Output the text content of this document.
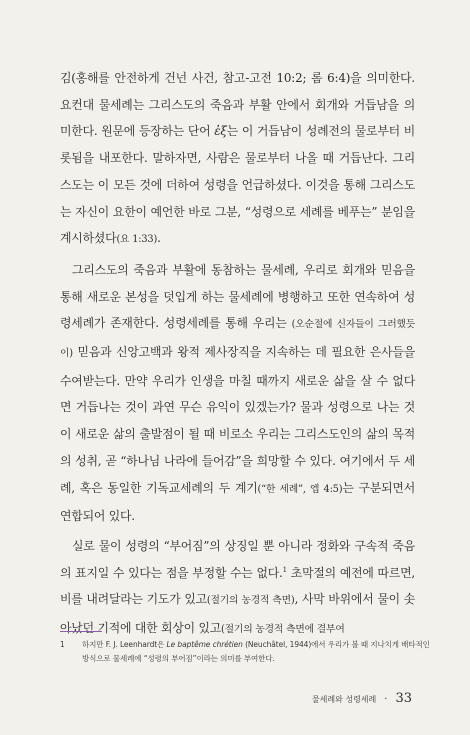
김(홍해를 안전하게 건넌 사건, 참고-고전 10:2; 롬 6:4)을 의미한다. 요컨대 물세례는 그리스도의 죽음과 부활 안에서 회개와 거듭남을 의미한다. 원문에 등장하는 단어 ἐξ는 이 거듭남이 성례전의 물로부터 비롯됨을 내포한다. 말하자면, 사람은 물로부터 나올 때 거듭난다. 그리스도는 이 모든 것에 더하여 성령을 언급하셨다. 이것을 통해 그리스도는 자신이 요한이 예언한 바로 그분, “성령으로 세례를 베푸는” 분임을 계시하셨다(요 1:33).

그리스도의 죽음과 부활에 동참하는 물세례, 우리로 회개와 믿음을 통해 새로운 본성을 덧입게 하는 물세례에 병행하고 또한 연속하여 성령세례가 존재한다. 성령세례를 통해 우리는 (오순절에 신자들이 그러했듯이) 믿음과 신앙고백과 왕적 제사장직을 지속하는 데 필요한 은사들을 수여받는다. 만약 우리가 인생을 마칠 때까지 새로운 삶을 살 수 없다면 거듭나는 것이 과연 무슨 유익이 있겠는가? 물과 성령으로 나는 것이 새로운 삶의 출발점이 될 때 비로소 우리는 그리스도인의 삶의 목적의 성취, 곧 “하나님 나라에 들어감”을 희망할 수 있다. 여기에서 두 세례, 혹은 동일한 기독교세례의 두 계기(“한 세례”, 엡 4:5)는 구분되면서 연합되어 있다.

실로 물이 성령의 “부어짐”의 상징일 뿐 아니라 정화와 구속적 죽음의 표지일 수 있다는 점을 부정할 수는 없다.$^1$ 초막절의 예전에 따르면, 비를 내려달라는 기도가 있고(절기의 농경적 측면), 사막 바위에서 물이 솟아났던 기적에 대한 회상이 있고(절기의 농경적 측면에 결부여

1	하지만 F. J. Leenhardt은 Le baptême chrétien (Neuchâtel, 1944)에서 우리가 볼 때 지나치게 배타적인 방식으로 물세례에 “성령의 부어짐”이라는 의미를 부여한다.
물세례와 성령세례 · 33
